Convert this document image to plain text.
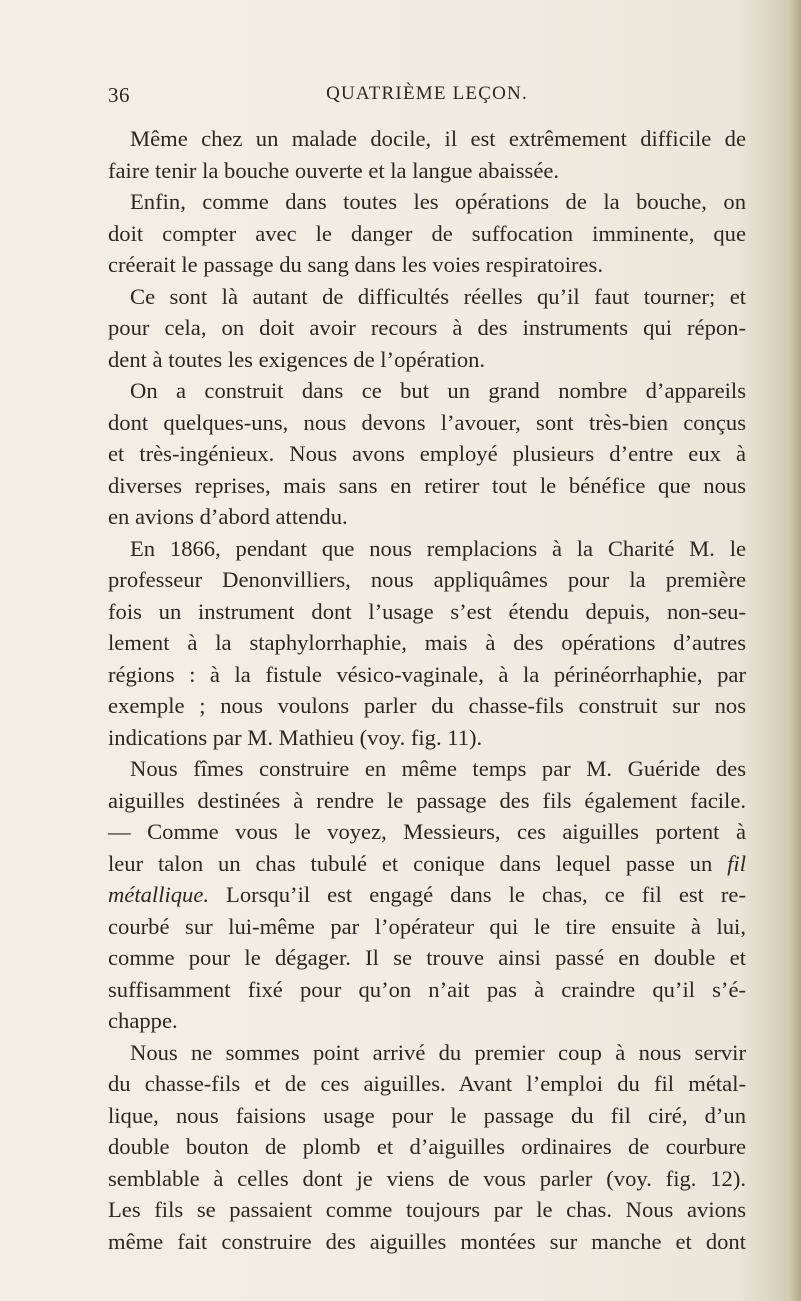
36	QUATRIÈME LEÇON.
Même chez un malade docile, il est extrêmement difficile de
faire tenir la bouche ouverte et la langue abaissée.
Enfin, comme dans toutes les opérations de la bouche, on
doit compter avec le danger de suffocation imminente, que
créerait le passage du sang dans les voies respiratoires.
Ce sont là autant de difficultés réelles qu’il faut tourner; et
pour cela, on doit avoir recours à des instruments qui répon-
dent à toutes les exigences de l’opération.
On a construit dans ce but un grand nombre d’appareils
dont quelques-uns, nous devons l’avouer, sont très-bien conçus
et très-ingénieux. Nous avons employé plusieurs d’entre eux à
diverses reprises, mais sans en retirer tout le bénéfice que nous
en avions d’abord attendu.
En 1866, pendant que nous remplacions à la Charité M. le
professeur Denonvilliers, nous appliquâmes pour la première
fois un instrument dont l’usage s’est étendu depuis, non-seu-
lement à la staphylorrhaphie, mais à des opérations d’autres
régions : à la fistule vésico-vaginale, à la périnéorrhaphie, par
exemple ; nous voulons parler du chasse-fils construit sur nos
indications par M. Mathieu (voy. fig. 11).
Nous fîmes construire en même temps par M. Guéride des
aiguilles destinées à rendre le passage des fils également facile.
— Comme vous le voyez, Messieurs, ces aiguilles portent à
leur talon un chas tubulé et conique dans lequel passe un fil
métallique. Lorsqu’il est engagé dans le chas, ce fil est re-
courbé sur lui-même par l’opérateur qui le tire ensuite à lui,
comme pour le dégager. Il se trouve ainsi passé en double et
suffisamment fixé pour qu’on n’ait pas à craindre qu’il s’é-
chappe.
Nous ne sommes point arrivé du premier coup à nous servir
du chasse-fils et de ces aiguilles. Avant l’emploi du fil métal-
lique, nous faisions usage pour le passage du fil ciré, d’un
double bouton de plomb et d’aiguilles ordinaires de courbure
semblable à celles dont je viens de vous parler (voy. fig. 12).
Les fils se passaient comme toujours par le chas. Nous avions
même fait construire des aiguilles montées sur manche et dont
